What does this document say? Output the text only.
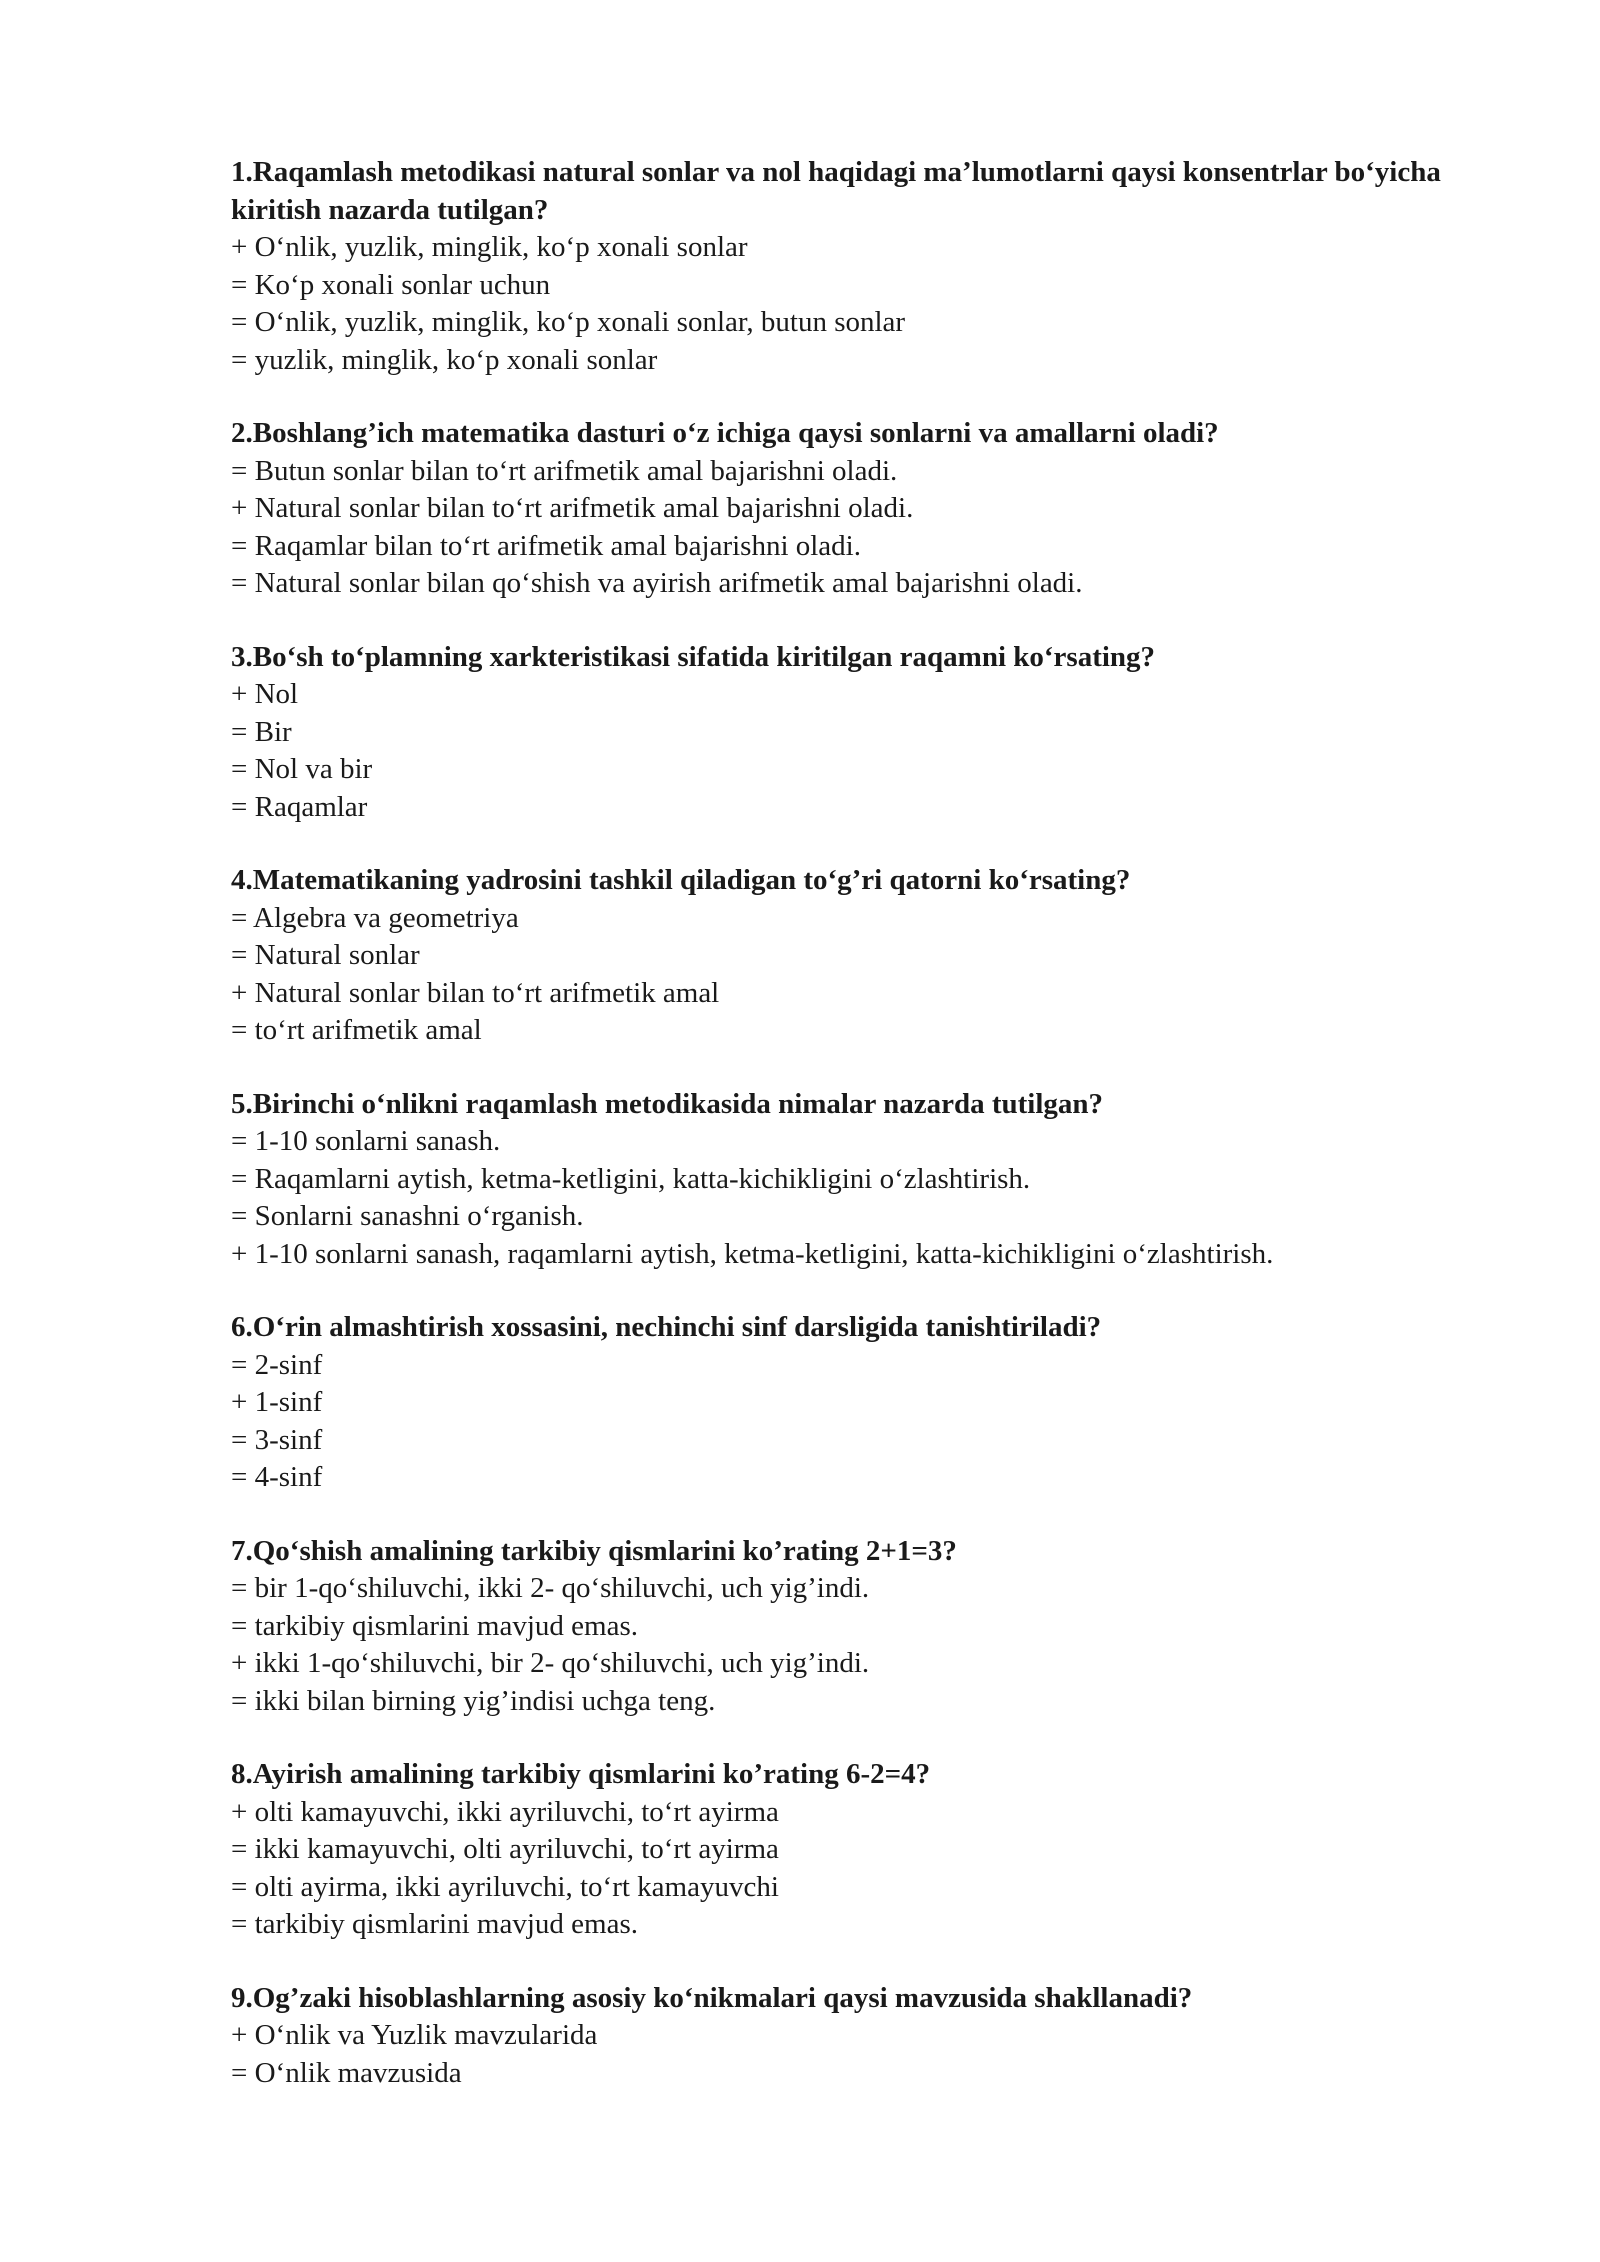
1.Raqamlash metodikasi natural sonlar va nol haqidagi ma’lumotlarni qaysi konsentrlar bo‘yicha kiritish nazarda tutilgan?

+ O‘nlik, yuzlik, minglik, ko‘p xonali sonlar
= Ko‘p xonali sonlar uchun
= O‘nlik, yuzlik, minglik, ko‘p xonali sonlar, butun sonlar
= yuzlik, minglik, ko‘p xonali sonlar

2.Boshlang’ich matematika dasturi o‘z ichiga qaysi sonlarni va amallarni oladi?

= Butun sonlar bilan to‘rt arifmetik amal bajarishni oladi.
+ Natural sonlar bilan to‘rt arifmetik amal bajarishni oladi.
= Raqamlar bilan to‘rt arifmetik amal bajarishni oladi.
= Natural sonlar bilan qo‘shish va ayirish arifmetik amal bajarishni oladi.

3.Bo‘sh to‘plamning xarkteristikasi sifatida kiritilgan raqamni ko‘rsating?

+ Nol
= Bir
= Nol va bir
= Raqamlar

4.Matematikaning yadrosini tashkil qiladigan to‘g’ri qatorni ko‘rsating?

= Algebra va geometriya
= Natural sonlar
+ Natural sonlar bilan to‘rt arifmetik amal
= to‘rt arifmetik amal

5.Birinchi o‘nlikni raqamlash metodikasida nimalar nazarda tutilgan?

= 1-10 sonlarni sanash.
= Raqamlarni aytish, ketma-ketligini, katta-kichikligini o‘zlashtirish.
= Sonlarni sanashni o‘rganish.
+ 1-10 sonlarni sanash, raqamlarni aytish, ketma-ketligini, katta-kichikligini o‘zlashtirish.

6.O‘rin almashtirish xossasini, nechinchi sinf darsligida tanishtiriladi?

= 2-sinf
+ 1-sinf
= 3-sinf
= 4-sinf

7.Qo‘shish amalining tarkibiy qismlarini ko’rating 2+1=3?

= bir 1-qo‘shiluvchi, ikki 2- qo‘shiluvchi, uch yig’indi.
= tarkibiy qismlarini mavjud emas.
+ ikki 1-qo‘shiluvchi, bir 2- qo‘shiluvchi, uch yig’indi.
= ikki bilan birning yig’indisi uchga teng.

8.Ayirish amalining tarkibiy qismlarini ko’rating 6-2=4?

+ olti kamayuvchi, ikki ayriluvchi, to‘rt ayirma
= ikki kamayuvchi, olti ayriluvchi, to‘rt ayirma
= olti ayirma, ikki ayriluvchi, to‘rt kamayuvchi
= tarkibiy qismlarini mavjud emas.

9.Og’zaki hisoblashlarning asosiy ko‘nikmalari qaysi mavzusida shakllanadi?

+ O‘nlik va Yuzlik mavzularida
= O‘nlik mavzusida
